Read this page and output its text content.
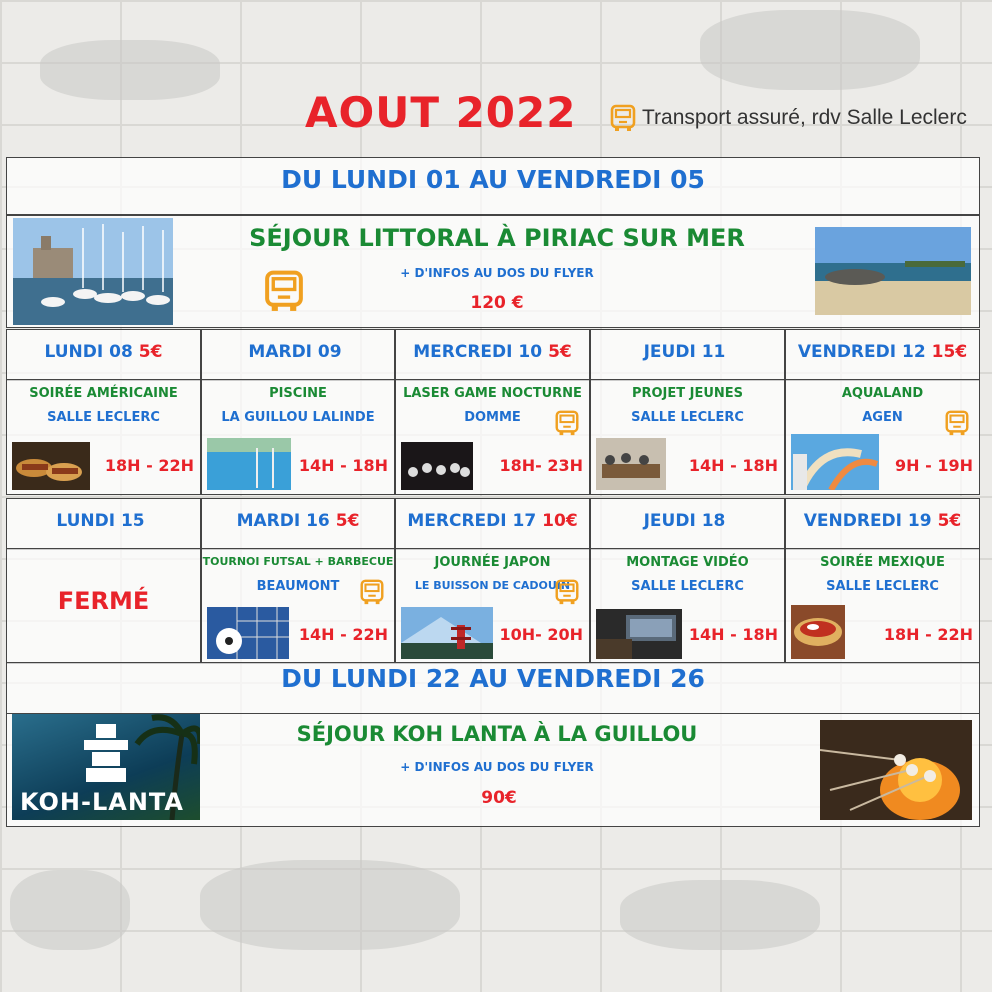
AOUT 2022	Transport assuré, rdv Salle Leclerc
DU LUNDI 01 AU VENDREDI 05
SÉJOUR LITTORAL À PIRIAC SUR MER
+ D'INFOS AU DOS DU FLYER
120 €
LUNDI 08 5€
SOIRÉE AMÉRICAINE
SALLE LECLERC
18H - 22H
MARDI 09
PISCINE
LA GUILLOU LALINDE
14H - 18H
MERCREDI 10 5€
LASER GAME NOCTURNE
DOMME
18H- 23H
JEUDI 11
PROJET JEUNES
SALLE LECLERC
14H - 18H
VENDREDI 12 15€
AQUALAND
AGEN
9H - 19H
LUNDI 15
FERMÉ
MARDI 16 5€
TOURNOI FUTSAL + BARBECUE
BEAUMONT
14H - 22H
MERCREDI 17 10€
JOURNÉE JAPON
LE BUISSON DE CADOUIN
10H- 20H
JEUDI 18
MONTAGE VIDÉO
SALLE LECLERC
14H - 18H
VENDREDI 19 5€
SOIRÉE MEXIQUE
SALLE LECLERC
18H - 22H
DU LUNDI 22 AU VENDREDI 26
KOH-LANTA
SÉJOUR KOH LANTA À LA GUILLOU
+ D'INFOS AU DOS DU FLYER
90€
